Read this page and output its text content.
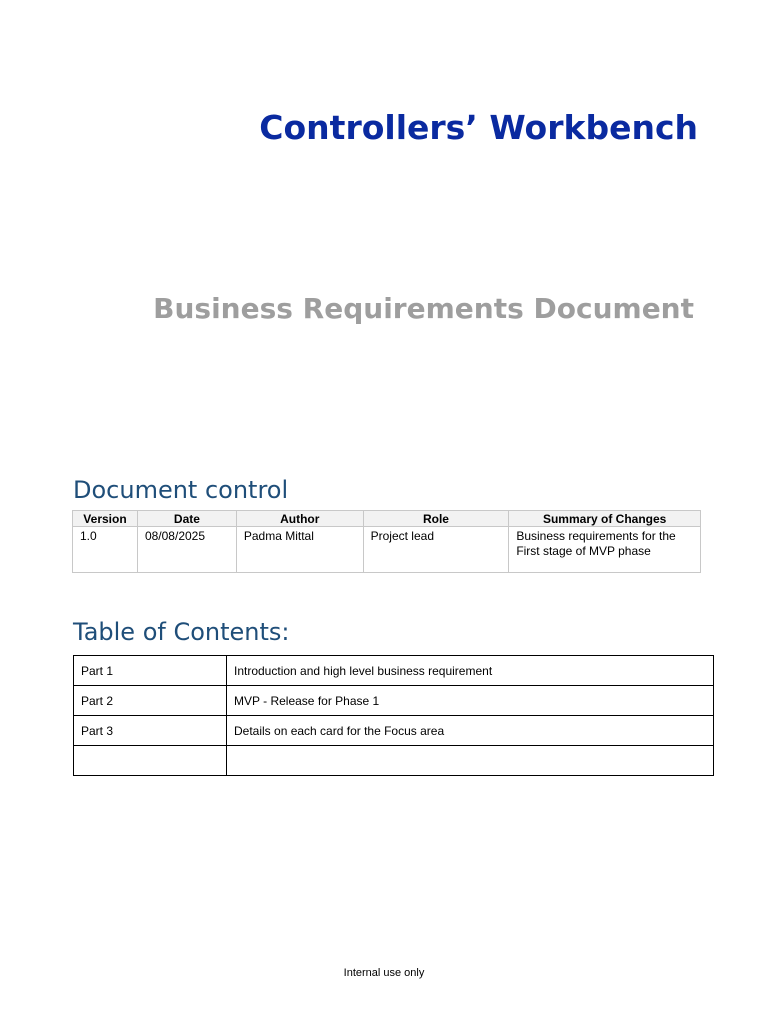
Controllers’ Workbench
Business Requirements Document
Document control
Version	Date	Author	Role	Summary of Changes
1.0	08/08/2025	Padma Mittal	Project lead	Business requirements for the First stage of MVP phase
Table of Contents:
Part 1	Introduction and high level business requirement
Part 2	MVP - Release for Phase 1
Part 3	Details on each card for the Focus area

Internal use only
